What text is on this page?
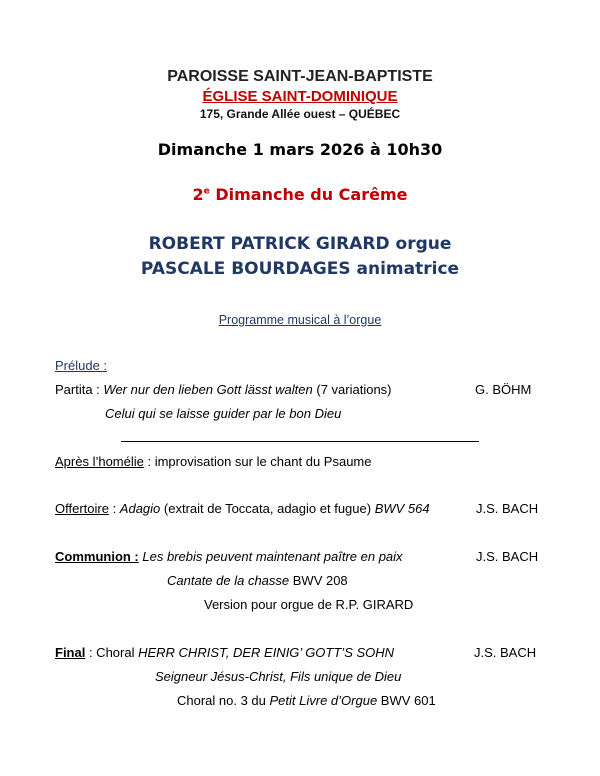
PAROISSE SAINT-JEAN-BAPTISTE
ÉGLISE SAINT-DOMINIQUE
175, Grande Allée ouest – QUÉBEC
Dimanche 1 mars 2026 à 10h30
2e Dimanche du Carême
ROBERT PATRICK GIRARD orgue
PASCALE BOURDAGES animatrice
Programme musical à l’orgue
Prélude :
Partita : Wer nur den lieben Gott lässt walten (7 variations)	G. BÖHM
Celui qui se laisse guider par le bon Dieu
Après l’homélie : improvisation sur le chant du Psaume
Offertoire : Adagio (extrait de Toccata, adagio et fugue) BWV 564	J.S. BACH
Communion : Les brebis peuvent maintenant paître en paix	J.S. BACH
Cantate de la chasse BWV 208
Version pour orgue de R.P. GIRARD
Final : Choral HERR CHRIST, DER EINIG’ GOTT’S SOHN	J.S. BACH
Seigneur Jésus-Christ, Fils unique de Dieu
Choral no. 3 du Petit Livre d’Orgue BWV 601
